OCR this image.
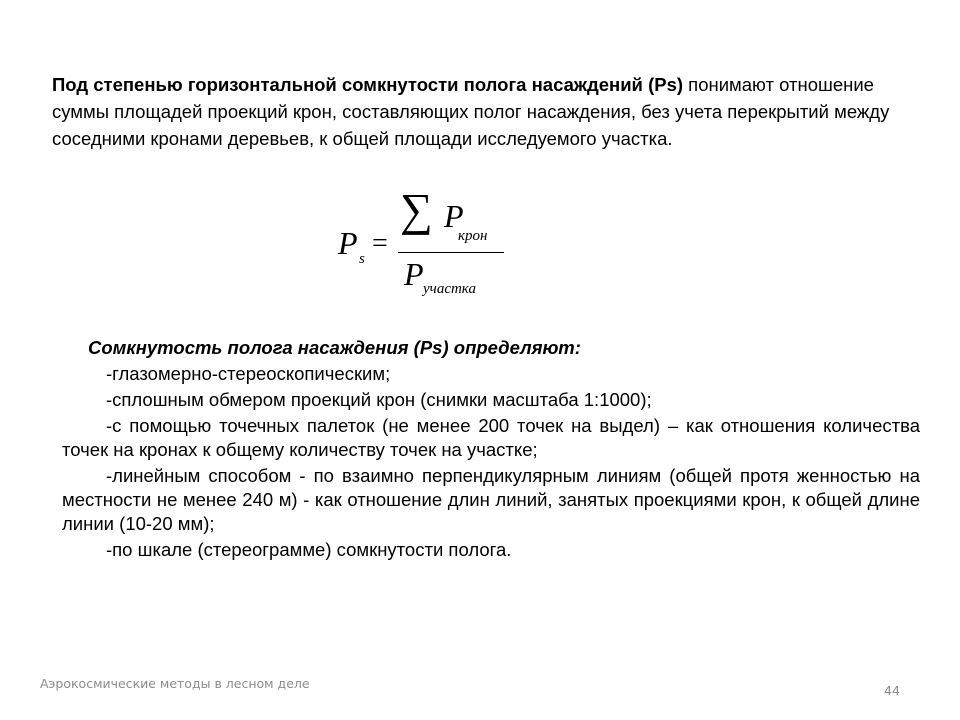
Под степенью горизонтальной сомкнутости полога насаждений (Ps) понимают отношение суммы площадей проекций крон, составляющих полог насаждения, без учета перекрытий между соседними кронами деревьев, к общей площади исследуемого участка.
P s =
∑ P
крон
P участка
Сомкнутость полога насаждения (Ps) определяют:

-глазомерно-стереоскопическим;

-сплошным обмером проекций крон (снимки масштаба 1:1000);

-с помощью точечных палеток (не менее 200 точек на выдел) – как отношения количества точек на кронах к общему количеству точек на участке;

-линейным способом - по взаимно перпендикулярным линиям (общей протя женностью на местности не менее 240 м) - как отношение длин линий, занятых проекциями крон, к общей длине линии (10-20 мм);

-по шкале (стереограмме) сомкнутости полога.

Аэрокосмические методы в лесном деле	44
